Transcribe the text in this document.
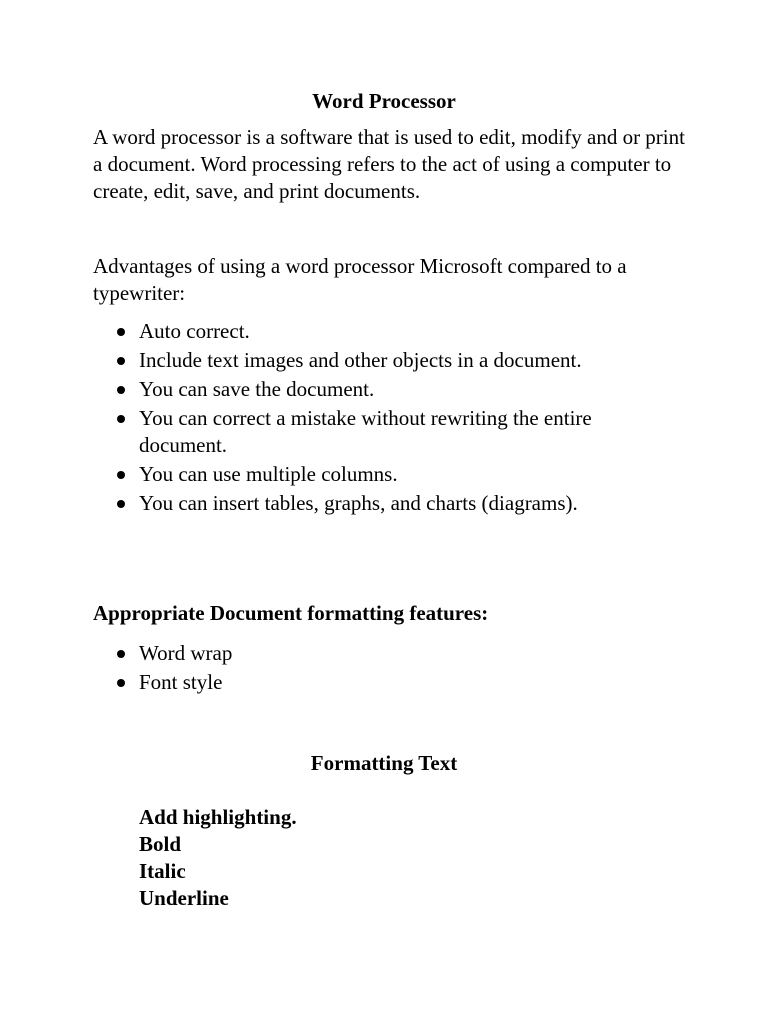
Word Processor
A word processor is a software that is used to edit, modify and or print a document. Word processing refers to the act of using a computer to create, edit, save, and print documents.
Advantages of using a word processor Microsoft compared to a typewriter:
Auto correct.
Include text images and other objects in a document.
You can save the document.
You can correct a mistake without rewriting the entire document.
You can use multiple columns.
You can insert tables, graphs, and charts (diagrams).
Appropriate Document formatting features:
Word wrap
Font style
Formatting Text
Add highlighting.
Bold
Italic
Underline
